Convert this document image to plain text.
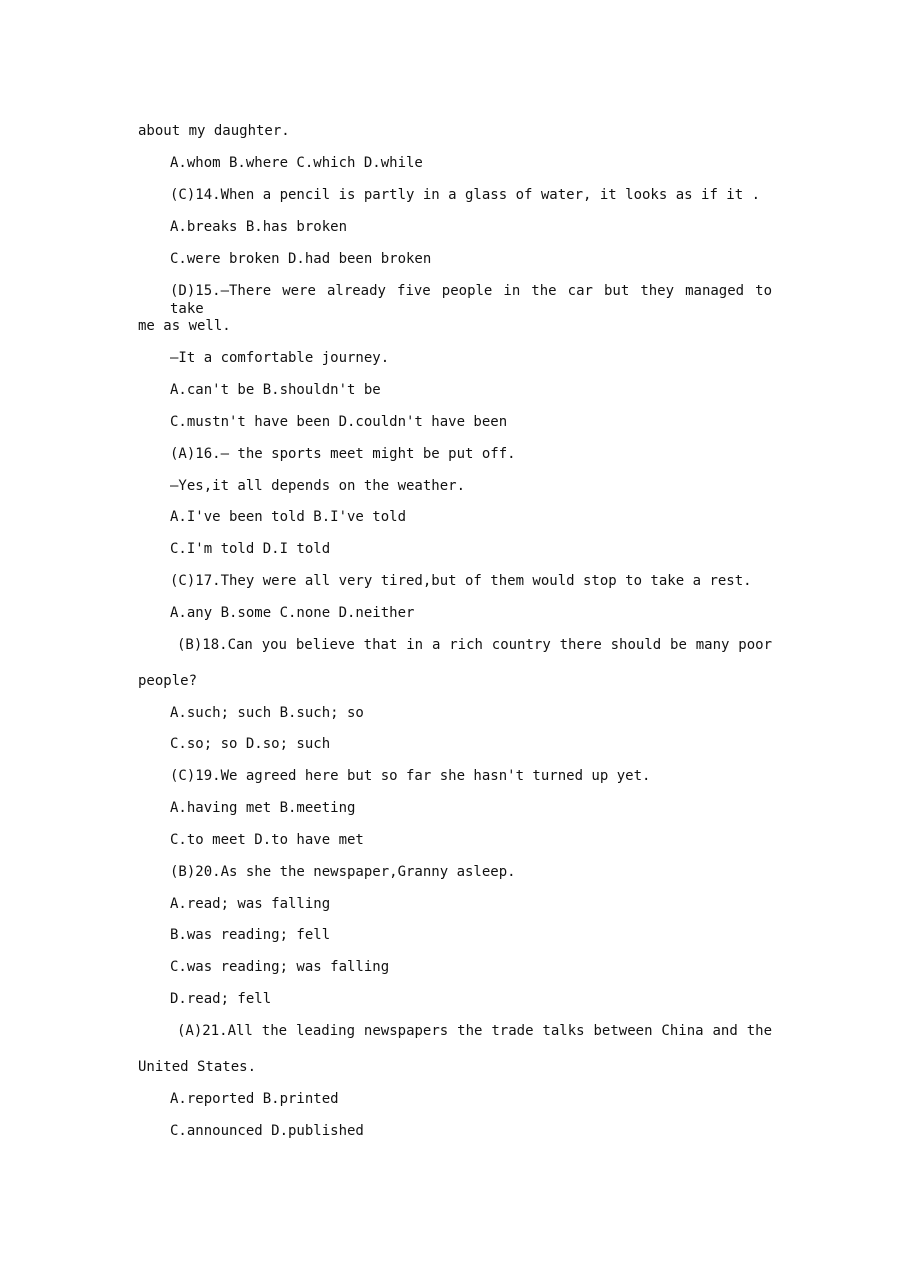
about my daughter.
A.whom B.where C.which D.while
(C)14.When a pencil is partly in a glass of water, it looks as if it .
A.breaks B.has broken
C.were broken D.had been broken
(D)15.—There were already five people in the car but they managed to take
me as well.
—It a comfortable journey.
A.can't be B.shouldn't be
C.mustn't have been D.couldn't have been
(A)16.— the sports meet might be put off.
—Yes,it all depends on the weather.
A.I've been told B.I've told
C.I'm told D.I told
(C)17.They were all very tired,but of them would stop to take a rest.
A.any B.some C.none D.neither
(B)18.Can you believe that in a rich country there should be many poor
people?
A.such; such B.such; so
C.so; so D.so; such
(C)19.We agreed here but so far she hasn't turned up yet.
A.having met B.meeting
C.to meet D.to have met
(B)20.As she the newspaper,Granny asleep.
A.read; was falling
B.was reading; fell
C.was reading; was falling
D.read; fell
(A)21.All the leading newspapers the trade talks between China and the
United States.
A.reported B.printed
C.announced D.published
